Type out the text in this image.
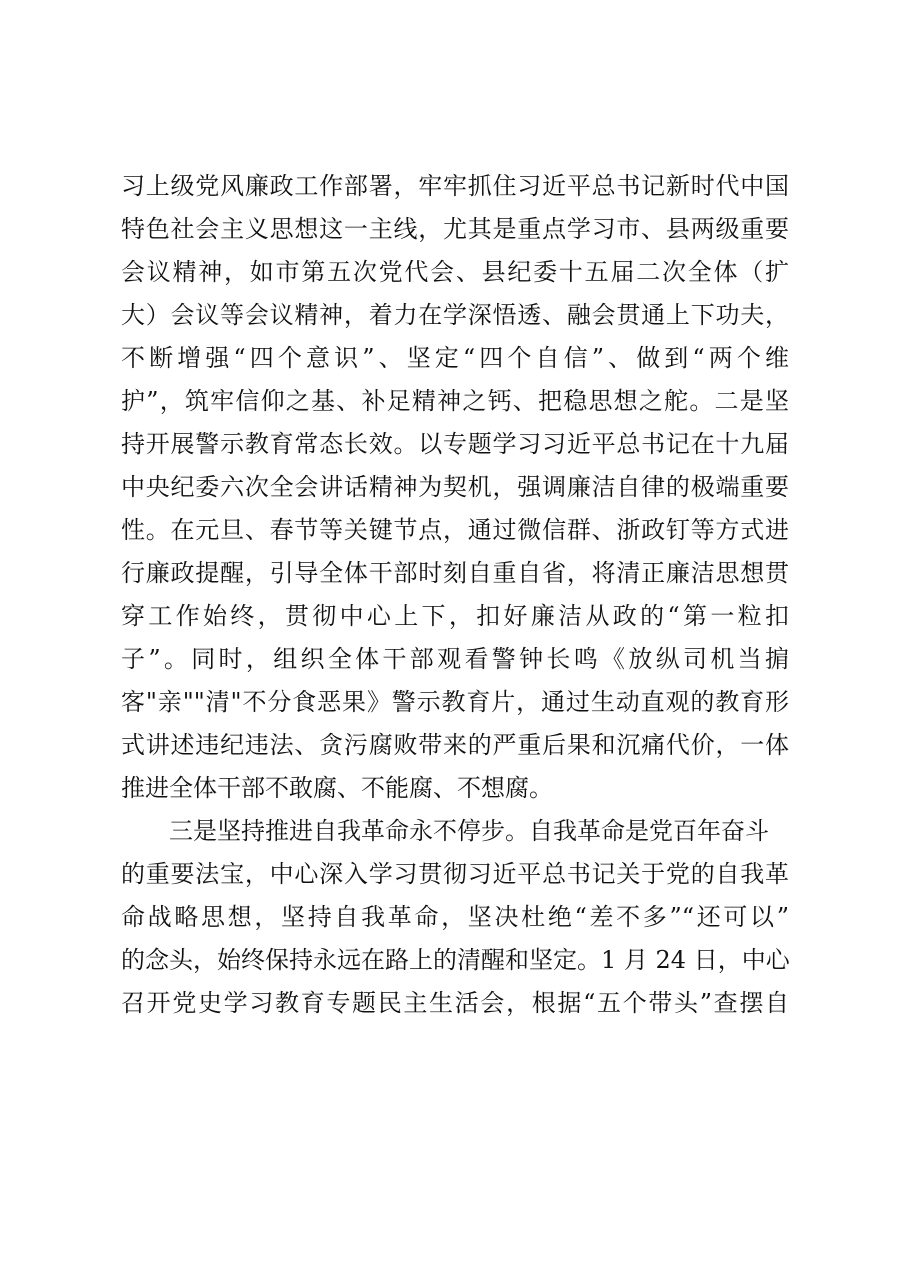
习上级党风廉政工作部署，牢牢抓住习近平总书记新时代中国
特色社会主义思想这一主线，尤其是重点学习市、县两级重要
会议精神，如市第五次党代会、县纪委十五届二次全体（扩
大）会议等会议精神，着力在学深悟透、融会贯通上下功夫，
不断增强“四个意识”、坚定“四个自信”、做到“两个维
护”，筑牢信仰之基、补足精神之钙、把稳思想之舵。二是坚
持开展警示教育常态长效。以专题学习习近平总书记在十九届
中央纪委六次全会讲话精神为契机，强调廉洁自律的极端重要
性。在元旦、春节等关键节点，通过微信群、浙政钉等方式进
行廉政提醒，引导全体干部时刻自重自省，将清正廉洁思想贯
穿工作始终，贯彻中心上下，扣好廉洁从政的“第一粒扣
子”。同时，组织全体干部观看警钟长鸣《放纵司机当掮
客"亲""清"不分食恶果》警示教育片，通过生动直观的教育形
式讲述违纪违法、贪污腐败带来的严重后果和沉痛代价，一体
推进全体干部不敢腐、不能腐、不想腐。
三是坚持推进自我革命永不停步。自我革命是党百年奋斗
的重要法宝，中心深入学习贯彻习近平总书记关于党的自我革
命战略思想，坚持自我革命，坚决杜绝“差不多”“还可以”
的念头，始终保持永远在路上的清醒和坚定。1 月 24 日，中心
召开党史学习教育专题民主生活会，根据“五个带头”查摆自
